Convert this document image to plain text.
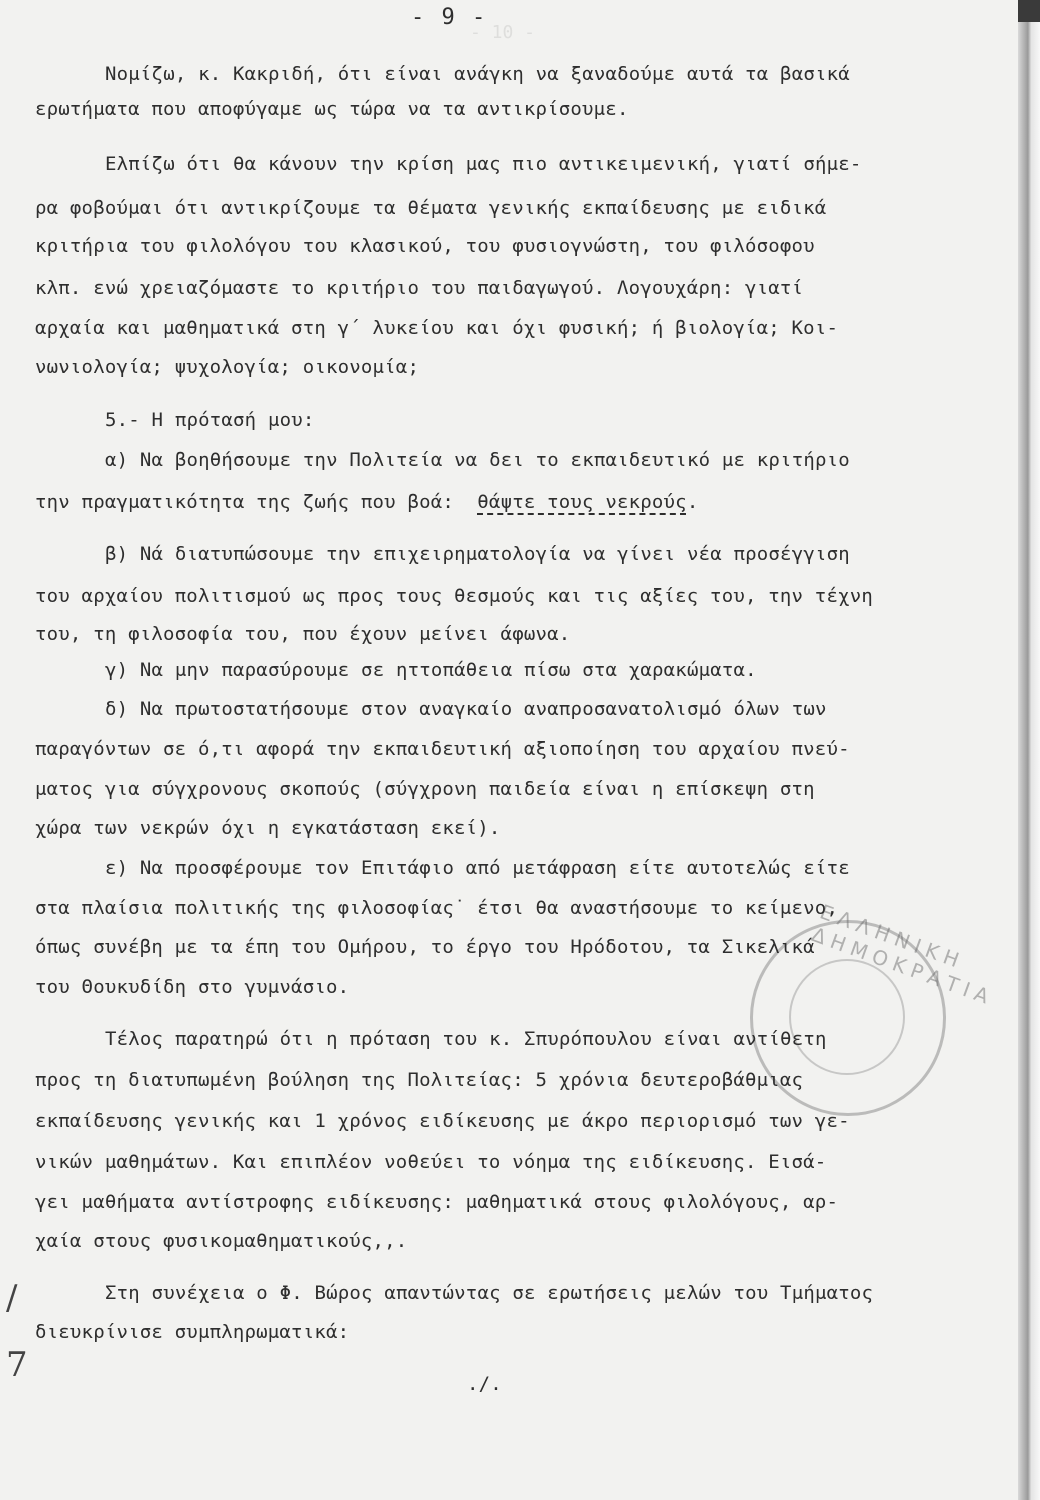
- 10 -
ΕΛΛΗΝΙΚΗ ΔΗΜΟΚΡΑΤΙΑ
- 9 -
Νομίζω, κ. Κακριδή, ότι είναι ανάγκη να ξαναδούμε αυτά τα βασικά
ερωτήματα που αποφύγαμε ως τώρα να τα αντικρίσουμε.
Ελπίζω ότι θα κάνουν την κρίση μας πιο αντικειμενική, γιατί σήμε-
ρα φοβούμαι ότι αντικρίζουμε τα θέματα γενικής εκπαίδευσης με ειδικά
κριτήρια του φιλολόγου του κλασικού, του φυσιογνώστη, του φιλόσοφου
κλπ. ενώ χρειαζόμαστε το κριτήριο του παιδαγωγού. Λογουχάρη: γιατί
αρχαία και μαθηματικά στη γ΄ λυκείου και όχι φυσική; ή βιολογία; Κοι-
νωνιολογία; ψυχολογία; οικονομία;
5.- Η πρότασή μου:
α) Να βοηθήσουμε την Πολιτεία να δει το εκπαιδευτικό με κριτήριο
την πραγματικότητα της ζωής που βοά: θάψτε τους νεκρούς.
β) Νά διατυπώσουμε την επιχειρηματολογία να γίνει νέα προσέγγιση
του αρχαίου πολιτισμού ως προς τους θεσμούς και τις αξίες του, την τέχνη
του, τη φιλοσοφία του, που έχουν μείνει άφωνα.
γ) Να μην παρασύρουμε σε ηττοπάθεια πίσω στα χαρακώματα.
δ) Να πρωτοστατήσουμε στον αναγκαίο αναπροσανατολισμό όλων των
παραγόντων σε ό,τι αφορά την εκπαιδευτική αξιοποίηση του αρχαίου πνεύ-
ματος για σύγχρονους σκοπούς (σύγχρονη παιδεία είναι η επίσκεψη στη
χώρα των νεκρών όχι η εγκατάσταση εκεί).
ε) Να προσφέρουμε τον Επιτάφιο από μετάφραση είτε αυτοτελώς είτε
στα πλαίσια πολιτικής της φιλοσοφίας˙ έτσι θα αναστήσουμε το κείμενο,
όπως συνέβη με τα έπη του Ομήρου, το έργο του Ηρόδοτου, τα Σικελικά
του Θουκυδίδη στο γυμνάσιο.
Τέλος παρατηρώ ότι η πρόταση του κ. Σπυρόπουλου είναι αντίθετη
προς τη διατυπωμένη βούληση της Πολιτείας: 5 χρόνια δευτεροβάθμιας
εκπαίδευσης γενικής και 1 χρόνος ειδίκευσης με άκρο περιορισμό των γε-
νικών μαθημάτων. Και επιπλέον νοθεύει το νόημα της ειδίκευσης. Εισά-
γει μαθήματα αντίστροφης ειδίκευσης: μαθηματικά στους φιλολόγους, αρ-
χαία στους φυσικομαθηματικούς,,.
Στη συνέχεια ο Φ. Βώρος απαντώντας σε ερωτήσεις μελών του Τμήματος
διευκρίνισε συμπληρωματικά:
./.
/
7
